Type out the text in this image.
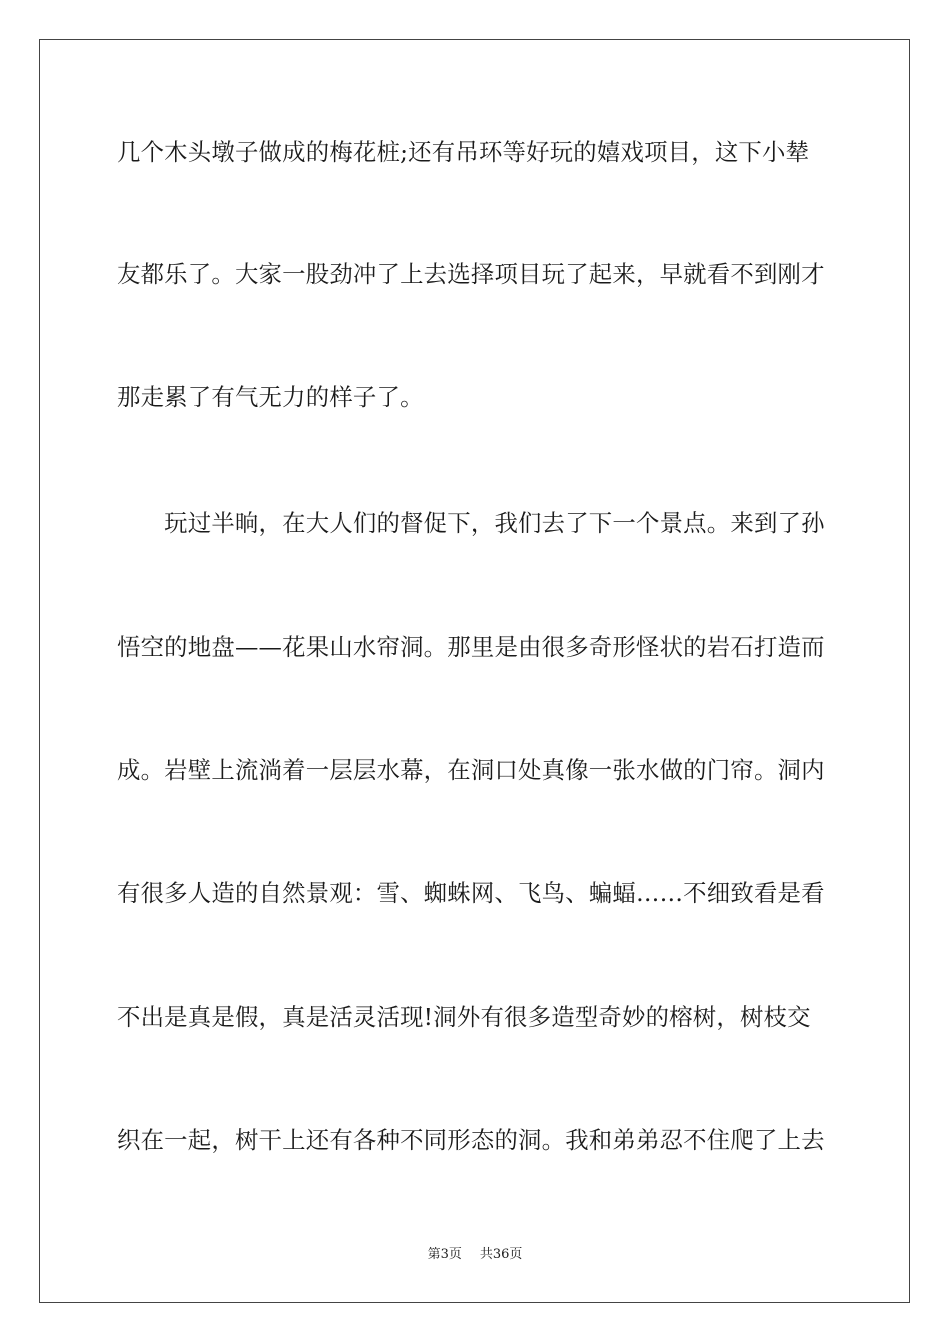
几个木头墩子做成的梅花桩;还有吊环等好玩的嬉戏项目，这下小辇
友都乐了。大家一股劲冲了上去选择项目玩了起来，早就看不到刚才
那走累了有气无力的样子了。
　　玩过半晌，在大人们的督促下，我们去了下一个景点。来到了孙
悟空的地盘——花果山水帘洞。那里是由很多奇形怪状的岩石打造而
成。岩壁上流淌着一层层水幕，在洞口处真像一张水做的门帘。洞内
有很多人造的自然景观：雪、蜘蛛网、飞鸟、蝙蝠……不细致看是看
不出是真是假，真是活灵活现!洞外有很多造型奇妙的榕树，树枝交
织在一起，树干上还有各种不同形态的洞。我和弟弟忍不住爬了上去
第3页 共36页
